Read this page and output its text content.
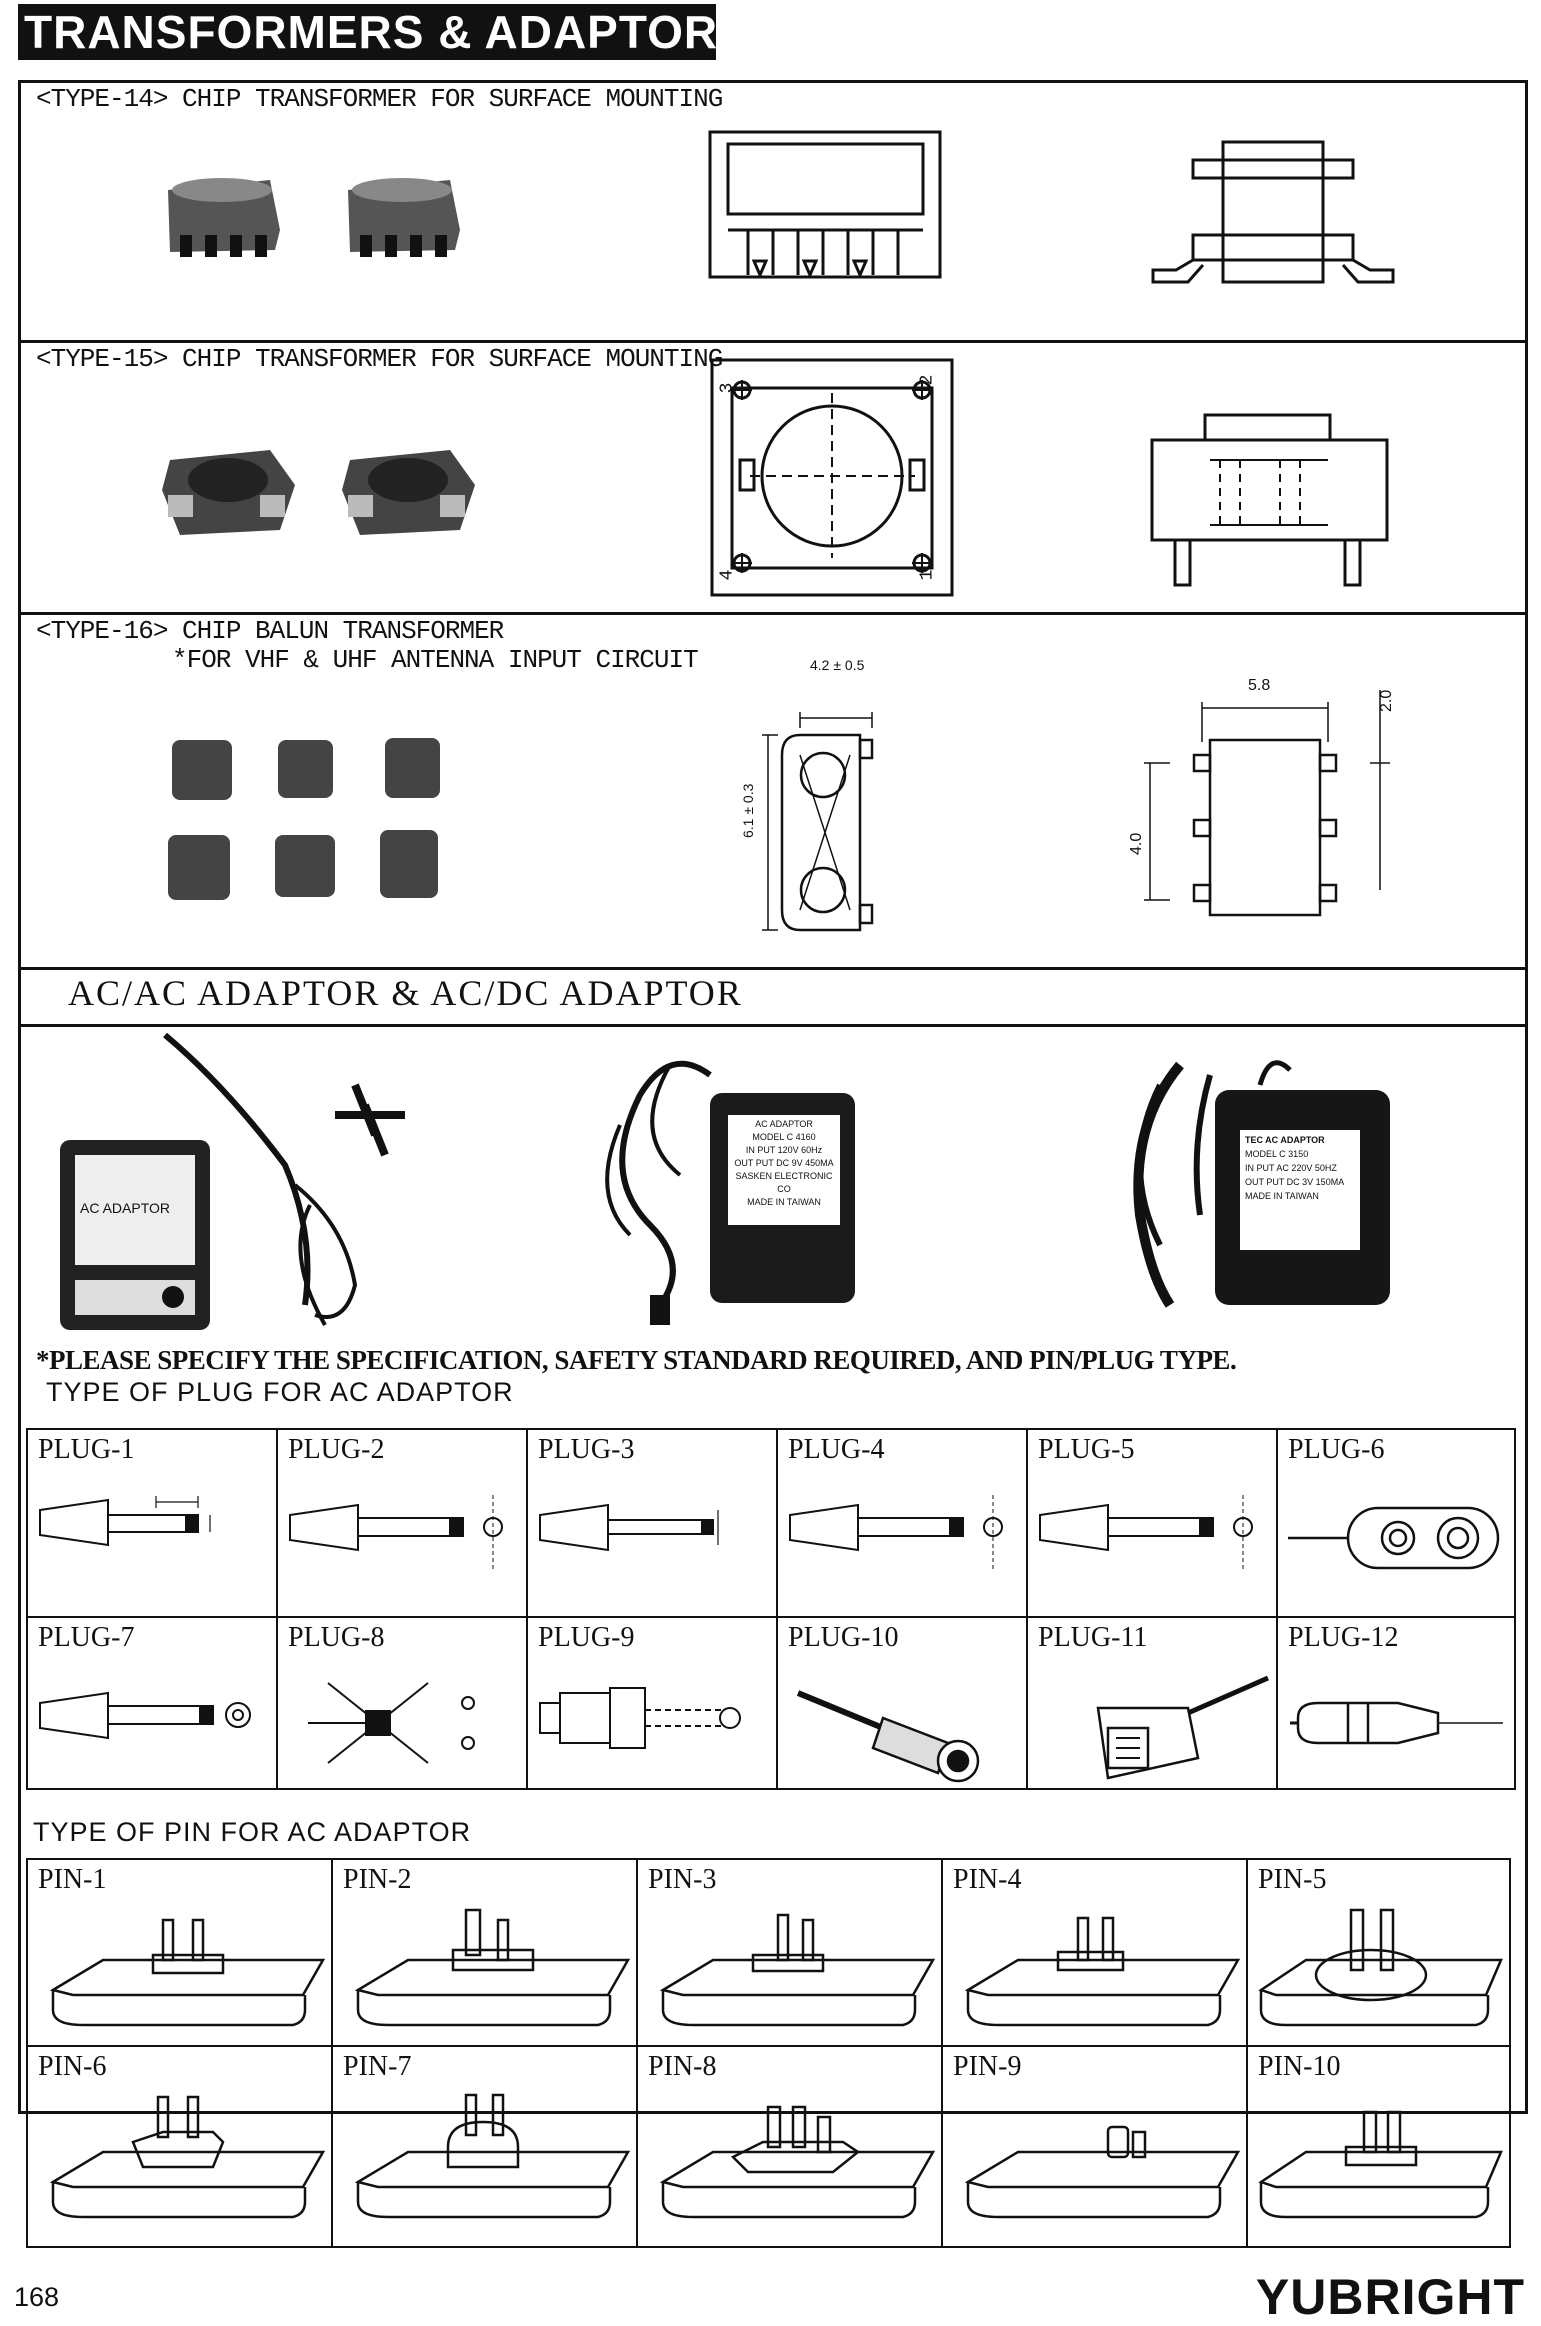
TRANSFORMERS & ADAPTORS
<TYPE-14> CHIP TRANSFORMER FOR SURFACE MOUNTING
<TYPE-15> CHIP TRANSFORMER FOR SURFACE MOUNTING
3
2
4	1
<TYPE-16> CHIP BALUN TRANSFORMER
*FOR VHF & UHF ANTENNA INPUT CIRCUIT	4.2 ± 0.5
6.1 ± 0.3
5.8
2.0
4.0
AC/AC ADAPTOR & AC/DC ADAPTOR
AC ADAPTOR
AC ADAPTOR
MODEL C 4160
IN PUT 120V 60Hz
OUT PUT DC 9V 450MA
SASKEN ELECTRONIC CO
MADE IN TAIWAN
TEC AC ADAPTOR
MODEL C 3150
IN PUT AC 220V 50HZ
OUT PUT DC 3V 150MA
MADE IN TAIWAN
*PLEASE SPECIFY THE SPECIFICATION, SAFETY STANDARD REQUIRED, AND PIN/PLUG TYPE.
TYPE OF PLUG FOR AC ADAPTOR
PLUG-1	PLUG-2	PLUG-3	PLUG-4	PLUG-5	PLUG-6
PLUG-7	PLUG-8	PLUG-9	PLUG-10	PLUG-11	PLUG-12
TYPE OF PIN FOR AC ADAPTOR
PIN-1	PIN-2	PIN-3	PIN-4	PIN-5
PIN-6	PIN-7	PIN-8	PIN-9	PIN-10
168	YUBRIGHT
